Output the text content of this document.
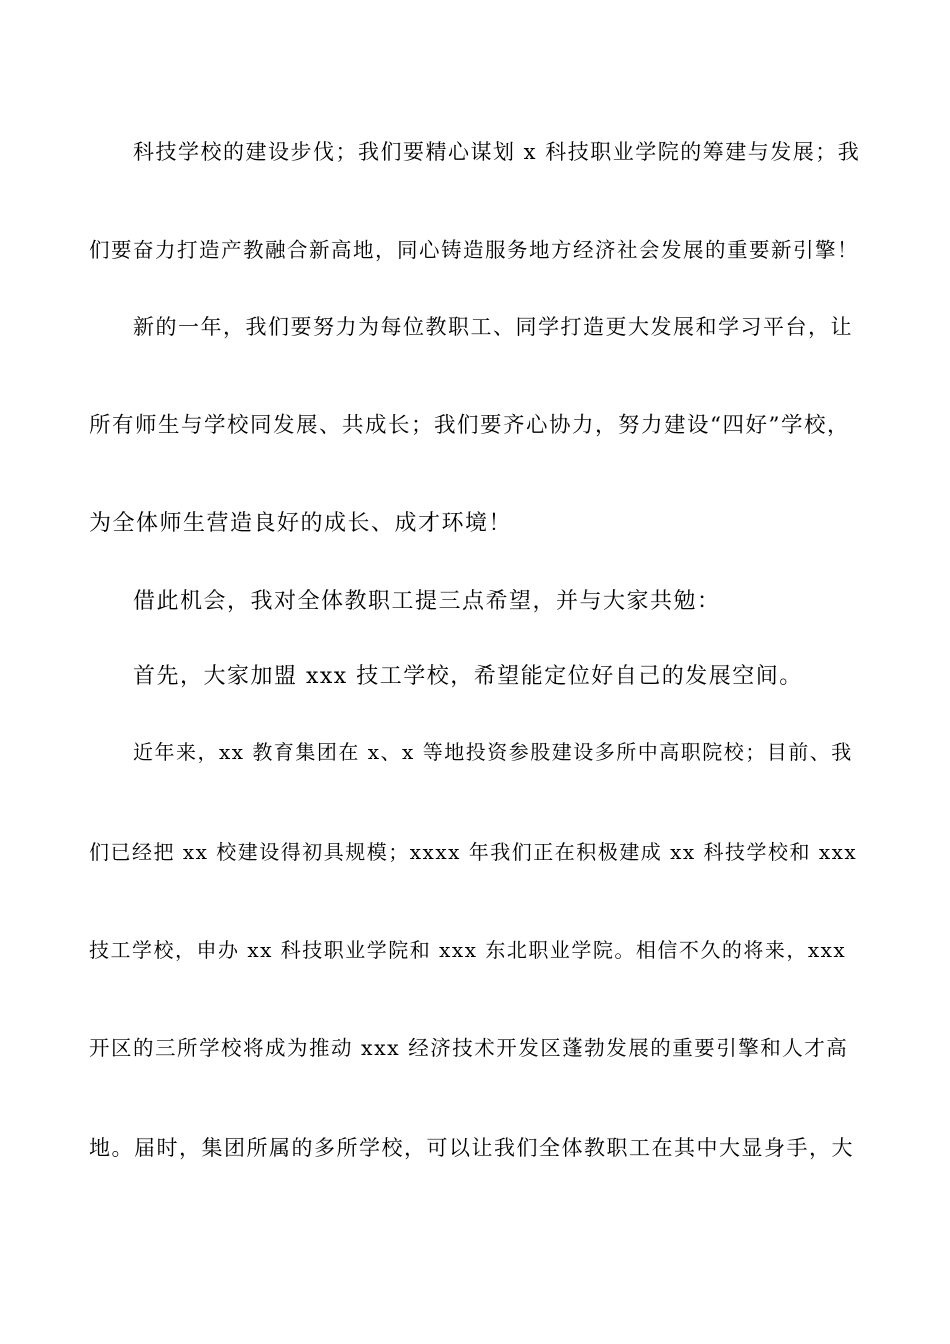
科技学校的建设步伐；我们要精心谋划 x 科技职业学院的筹建与发展；我
们要奋力打造产教融合新高地，同心铸造服务地方经济社会发展的重要新引擎！
新的一年，我们要努力为每位教职工、同学打造更大发展和学习平台，让
所有师生与学校同发展、共成长；我们要齐心协力，努力建设“四好”学校，
为全体师生营造良好的成长、成才环境！
借此机会，我对全体教职工提三点希望，并与大家共勉：
首先，大家加盟 xxx 技工学校，希望能定位好自己的发展空间。
近年来，xx 教育集团在 x、x 等地投资参股建设多所中高职院校；目前、我
们已经把 xx 校建设得初具规模；xxxx 年我们正在积极建成 xx 科技学校和 xxx
技工学校，申办 xx 科技职业学院和 xxx 东北职业学院。相信不久的将来，xxx
开区的三所学校将成为推动 xxx 经济技术开发区蓬勃发展的重要引擎和人才高
地。届时，集团所属的多所学校，可以让我们全体教职工在其中大显身手，大
